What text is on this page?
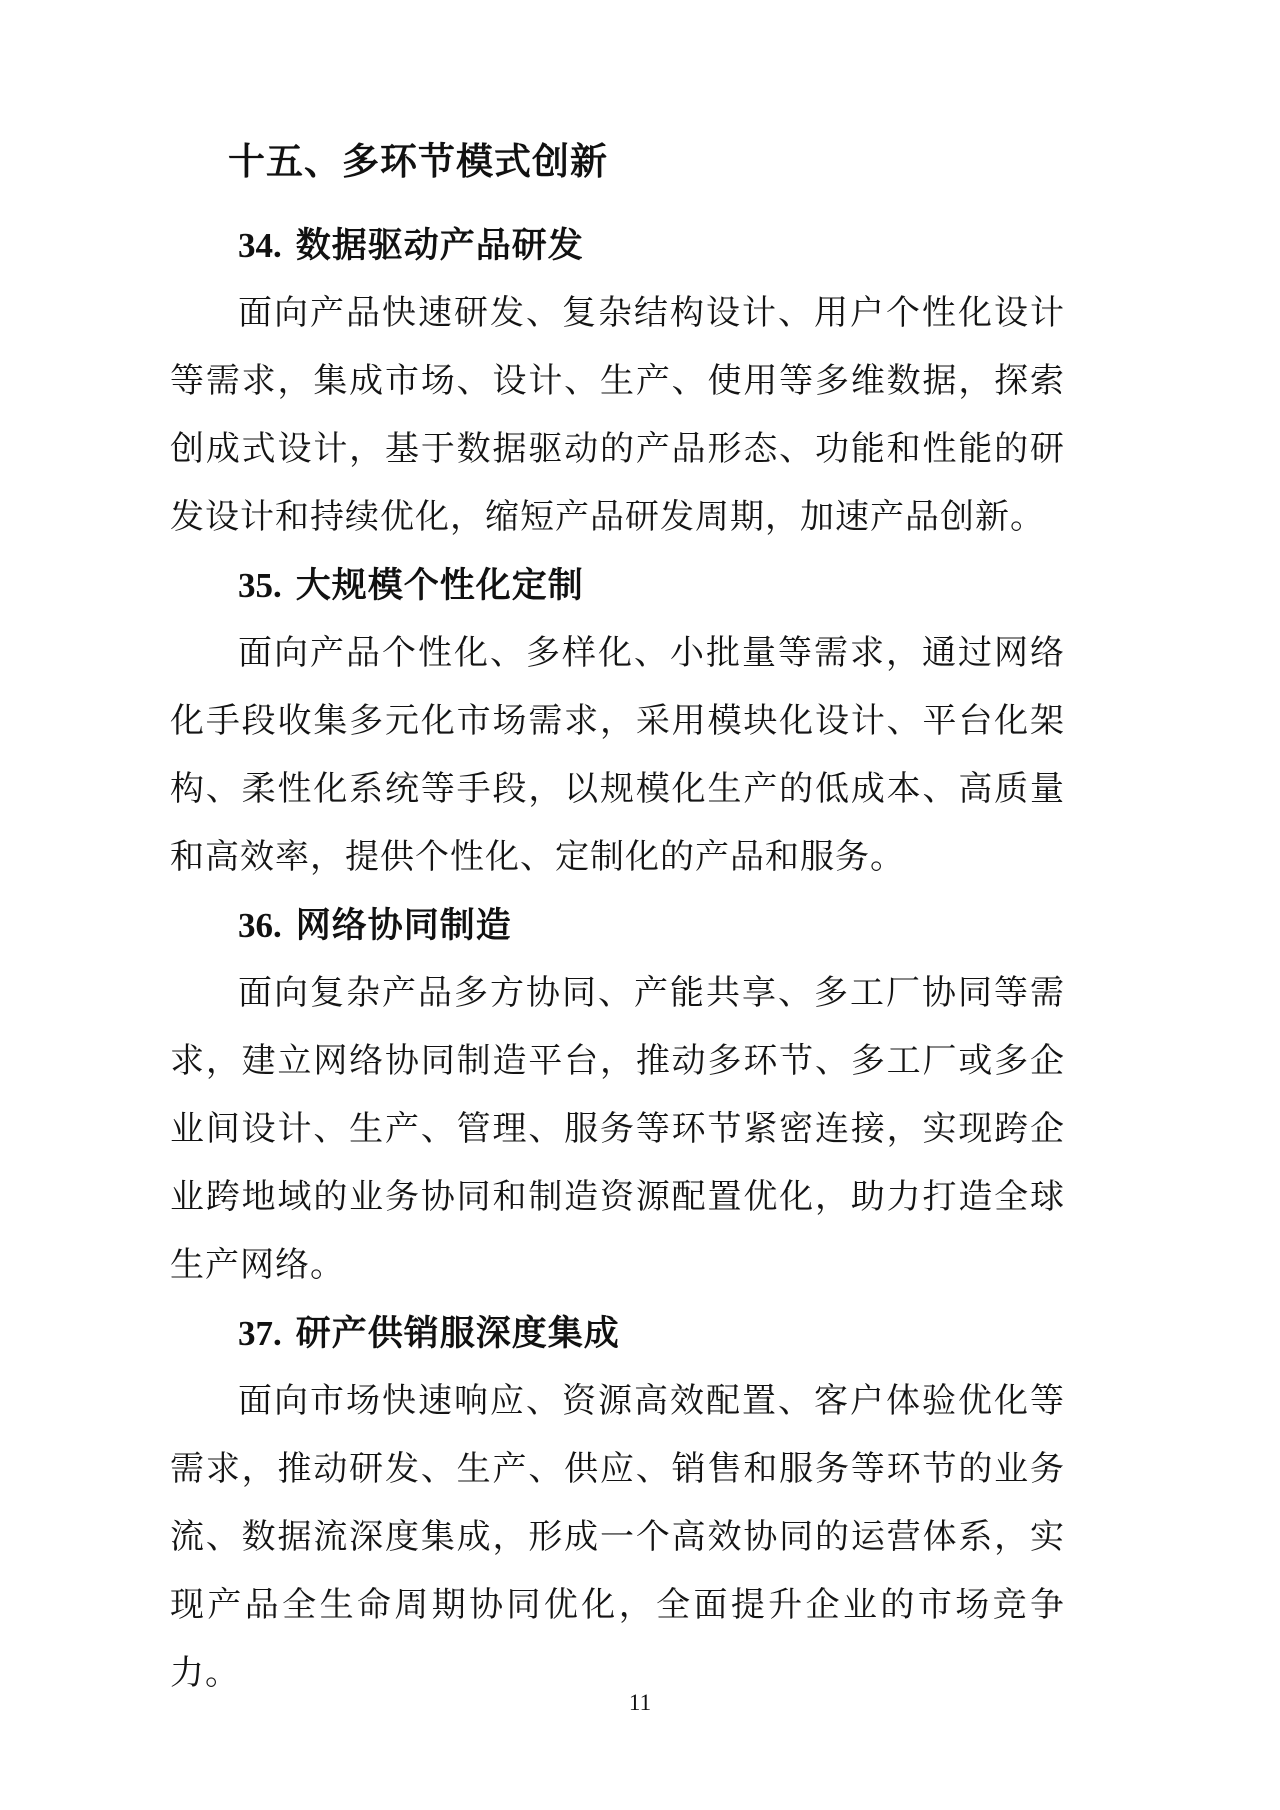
十五、多环节模式创新
34. 数据驱动产品研发

面向产品快速研发、复杂结构设计、用户个性化设计等需求，集成市场、设计、生产、使用等多维数据，探索创成式设计，基于数据驱动的产品形态、功能和性能的研发设计和持续优化，缩短产品研发周期，加速产品创新。

35. 大规模个性化定制

面向产品个性化、多样化、小批量等需求，通过网络化手段收集多元化市场需求，采用模块化设计、平台化架构、柔性化系统等手段，以规模化生产的低成本、高质量和高效率，提供个性化、定制化的产品和服务。

36. 网络协同制造

面向复杂产品多方协同、产能共享、多工厂协同等需求，建立网络协同制造平台，推动多环节、多工厂或多企业间设计、生产、管理、服务等环节紧密连接，实现跨企业跨地域的业务协同和制造资源配置优化，助力打造全球生产网络。

37. 研产供销服深度集成

面向市场快速响应、资源高效配置、客户体验优化等需求，推动研发、生产、供应、销售和服务等环节的业务流、数据流深度集成，形成一个高效协同的运营体系，实现产品全生命周期协同优化，全面提升企业的市场竞争力。

11
